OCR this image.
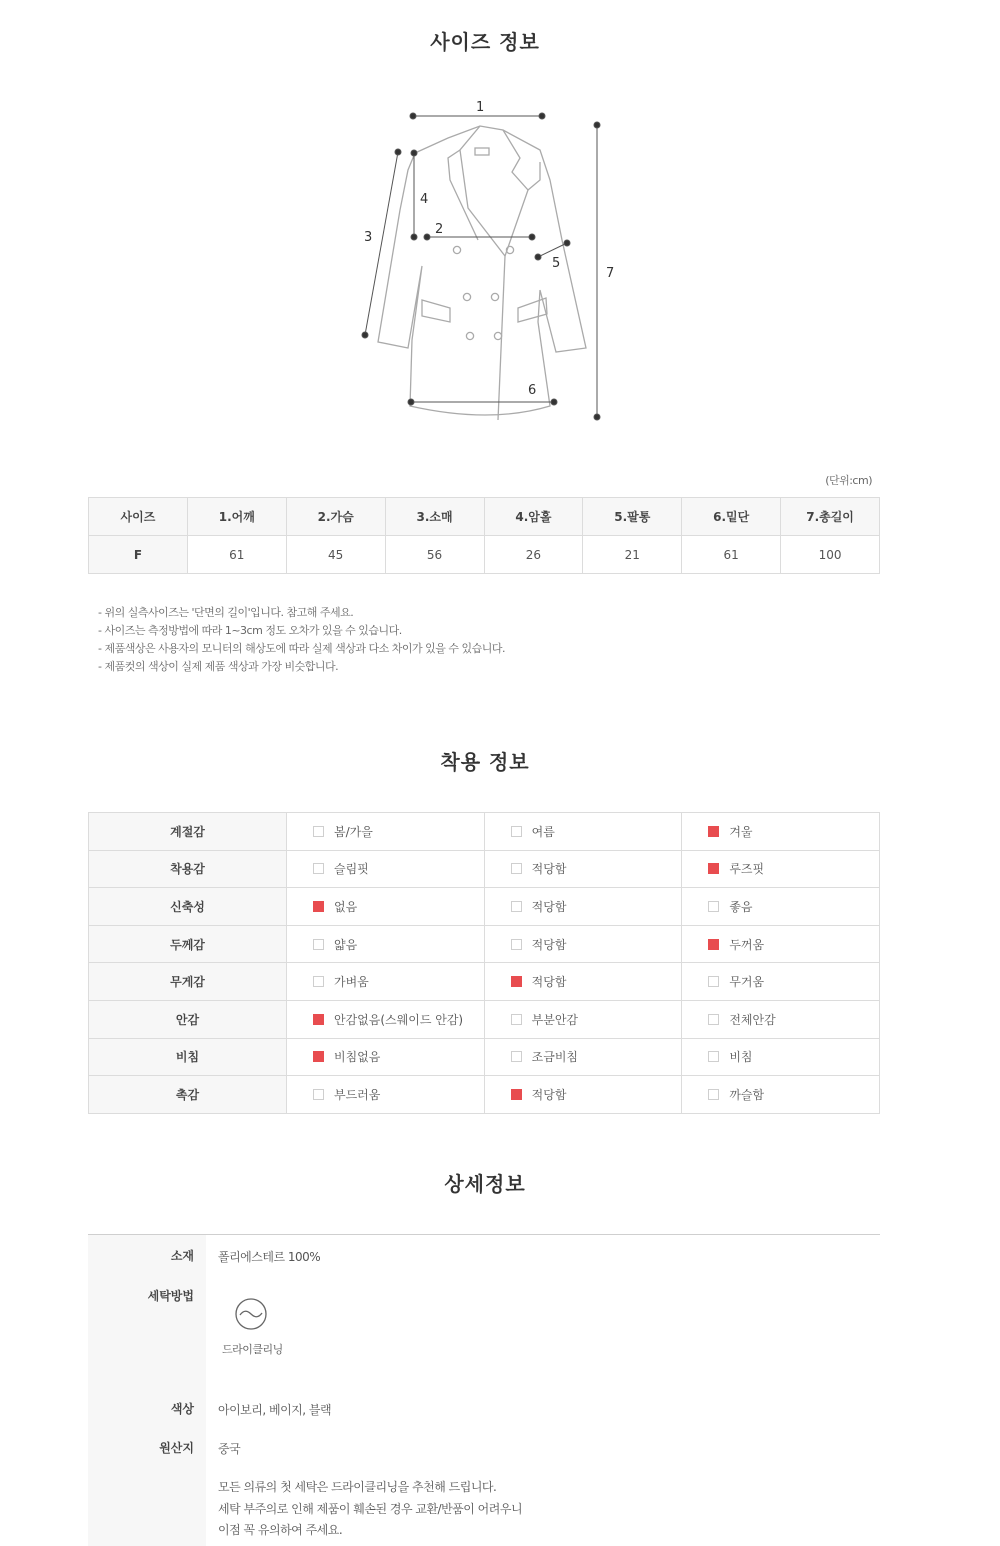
사이즈 정보
1
2
3
4
5
6
7
(단위:cm)
사이즈	1.어깨	2.가슴	3.소매	4.암홀	5.팔통	6.밑단	7.총길이
F	61	45	56	26	21	61	100
- 위의 실측사이즈는 '단면의 길이'입니다. 참고해 주세요.
- 사이즈는 측정방법에 따라 1~3cm 정도 오차가 있을 수 있습니다.
- 제품색상은 사용자의 모니터의 해상도에 따라 실제 색상과 다소 차이가 있을 수 있습니다.
- 제품컷의 색상이 실제 제품 색상과 가장 비슷합니다.
착용 정보
계절감	봄/가을	여름	겨울
착용감	슬림핏	적당함	루즈핏
신축성	없음	적당함	좋음
두께감	얇음	적당함	두꺼움
무게감	가벼움	적당함	무거움
안감	안감없음(스웨이드 안감)	부분안감	전체안감
비침	비침없음	조금비침	비침
촉감	부드러움	적당함	까슬함
상세정보
소재 폴리에스테르 100%
세탁방법
드라이클리닝
색상 아이보리, 베이지, 블랙
원산지 중국
모든 의류의 첫 세탁은 드라이클리닝을 추천해 드립니다.
세탁 부주의로 인해 제품이 훼손된 경우 교환/반품이 어려우니
이점 꼭 유의하여 주세요.
